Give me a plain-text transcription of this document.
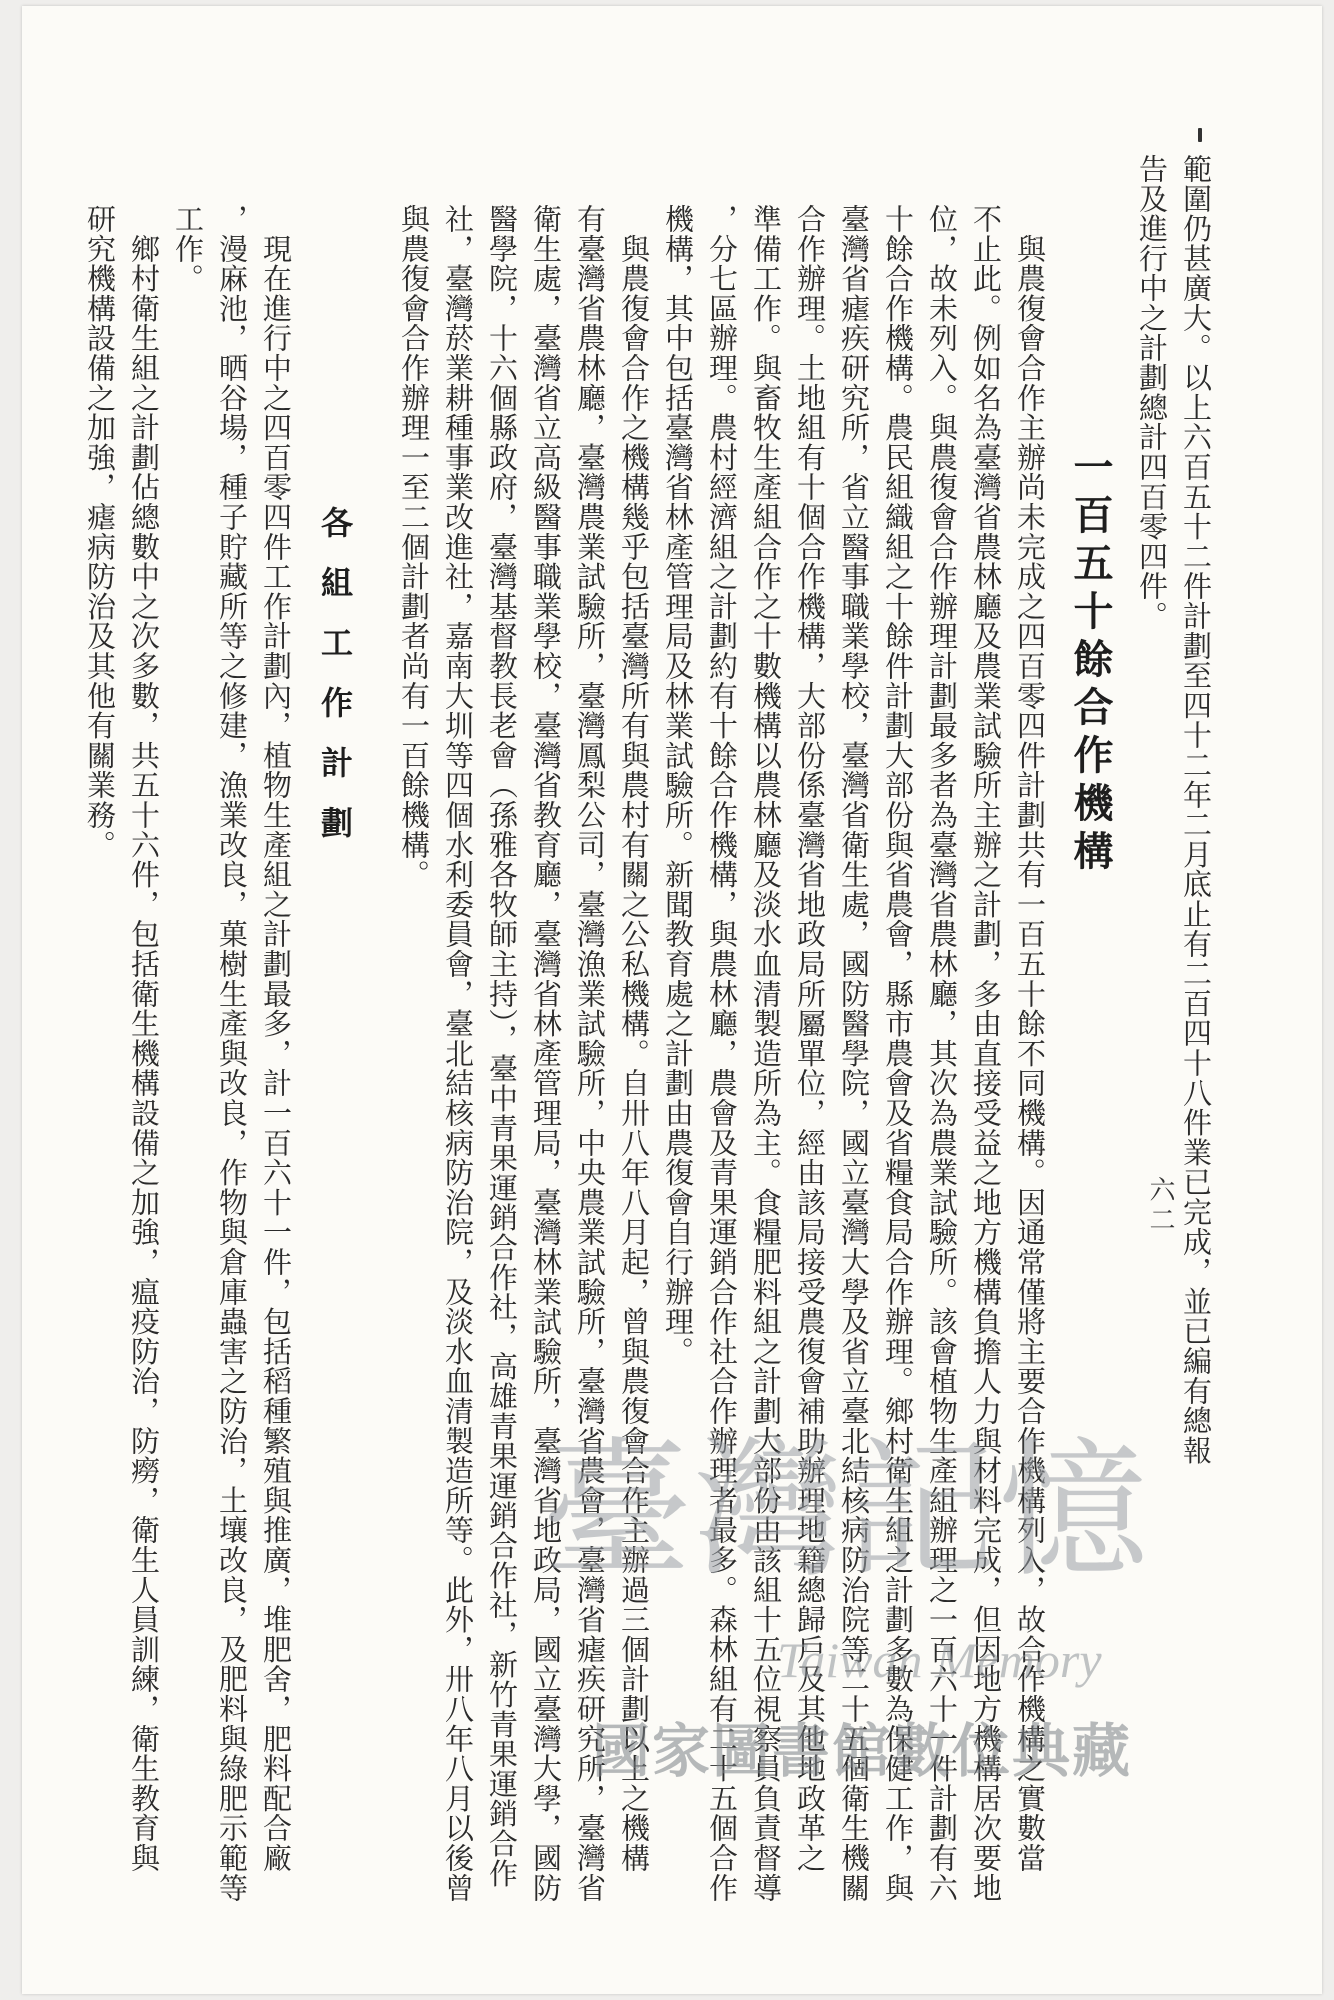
六二 範圍仍甚廣大。以上六百五十二件計劃至四十二年二月底止有二百四十八件業已完成，並已編有總報
告及進行中之計劃總計四百零四件。
一百五十餘合作機構
　與農復會合作主辦尚未完成之四百零四件計劃共有一百五十餘不同機構。因通常僅將主要合作機構列入，故合作機構之實數當
不止此。例如名為臺灣省農林廳及農業試驗所主辦之計劃，多由直接受益之地方機構負擔人力與材料完成，但因地方機構居次要地
位，故未列入。與農復會合作辦理計劃最多者為臺灣省農林廳，其次為農業試驗所。該會植物生產組辦理之一百六十一件計劃有六
十餘合作機構。農民組織組之十餘件計劃大部份與省農會，縣市農會及省糧食局合作辦理。鄉村衛生組之計劃多數為保健工作，與
臺灣省瘧疾研究所，省立醫事職業學校，臺灣省衛生處，國防醫學院，國立臺灣大學及省立臺北結核病防治院等二十五個衛生機關
合作辦理。土地組有十個合作機構，大部份係臺灣省地政局所屬單位，經由該局接受農復會補助辦理地籍總歸戶及其他地政革之
準備工作。與畜牧生產組合作之十數機構以農林廳及淡水血清製造所為主。食糧肥料組之計劃大部份由該組十五位視察員負責督導
，分七區辦理。農村經濟組之計劃約有十餘合作機構，與農林廳，農會及青果運銷合作社合作辦理者最多。森林組有二十五個合作
機構，其中包括臺灣省林產管理局及林業試驗所。新聞教育處之計劃由農復會自行辦理。
　與農復會合作之機構幾乎包括臺灣所有與農村有關之公私機構。自卅八年八月起，曾與農復會合作主辦過三個計劃以上之機構
有臺灣省農林廳，臺灣農業試驗所，臺灣鳳梨公司，臺灣漁業試驗所，中央農業試驗所，臺灣省農會，臺灣省瘧疾研究所，臺灣省
衛生處，臺灣省立高級醫事職業學校，臺灣省教育廳，臺灣省林產管理局，臺灣林業試驗所，臺灣省地政局，國立臺灣大學，國防
醫學院，十六個縣政府，臺灣基督教長老會（孫雅各牧師主持），臺中青果運銷合作社，高雄青果運銷合作社，新竹青果運銷合作
社，臺灣菸業耕種事業改進社，嘉南大圳等四個水利委員會，臺北結核病防治院，及淡水血清製造所等。此外，卅八年八月以後曾
與農復會合作辦理一至二個計劃者尚有一百餘機構。
各組工作計劃
　現在進行中之四百零四件工作計劃內，植物生產組之計劃最多，計一百六十一件，包括稻種繁殖與推廣，堆肥舍，肥料配合廠
，漫麻池，晒谷場，種子貯藏所等之修建，漁業改良，菓樹生產與改良，作物與倉庫蟲害之防治，土壤改良，及肥料與綠肥示範等
工作。
　鄉村衛生組之計劃佔總數中之次多數，共五十六件，包括衛生機構設備之加強，瘟疫防治，防癆，衛生人員訓練，衛生教育與
研究機構設備之加強，瘧病防治及其他有關業務。
臺灣記憶
Taiwan Memory
國家圖書館數位典藏
